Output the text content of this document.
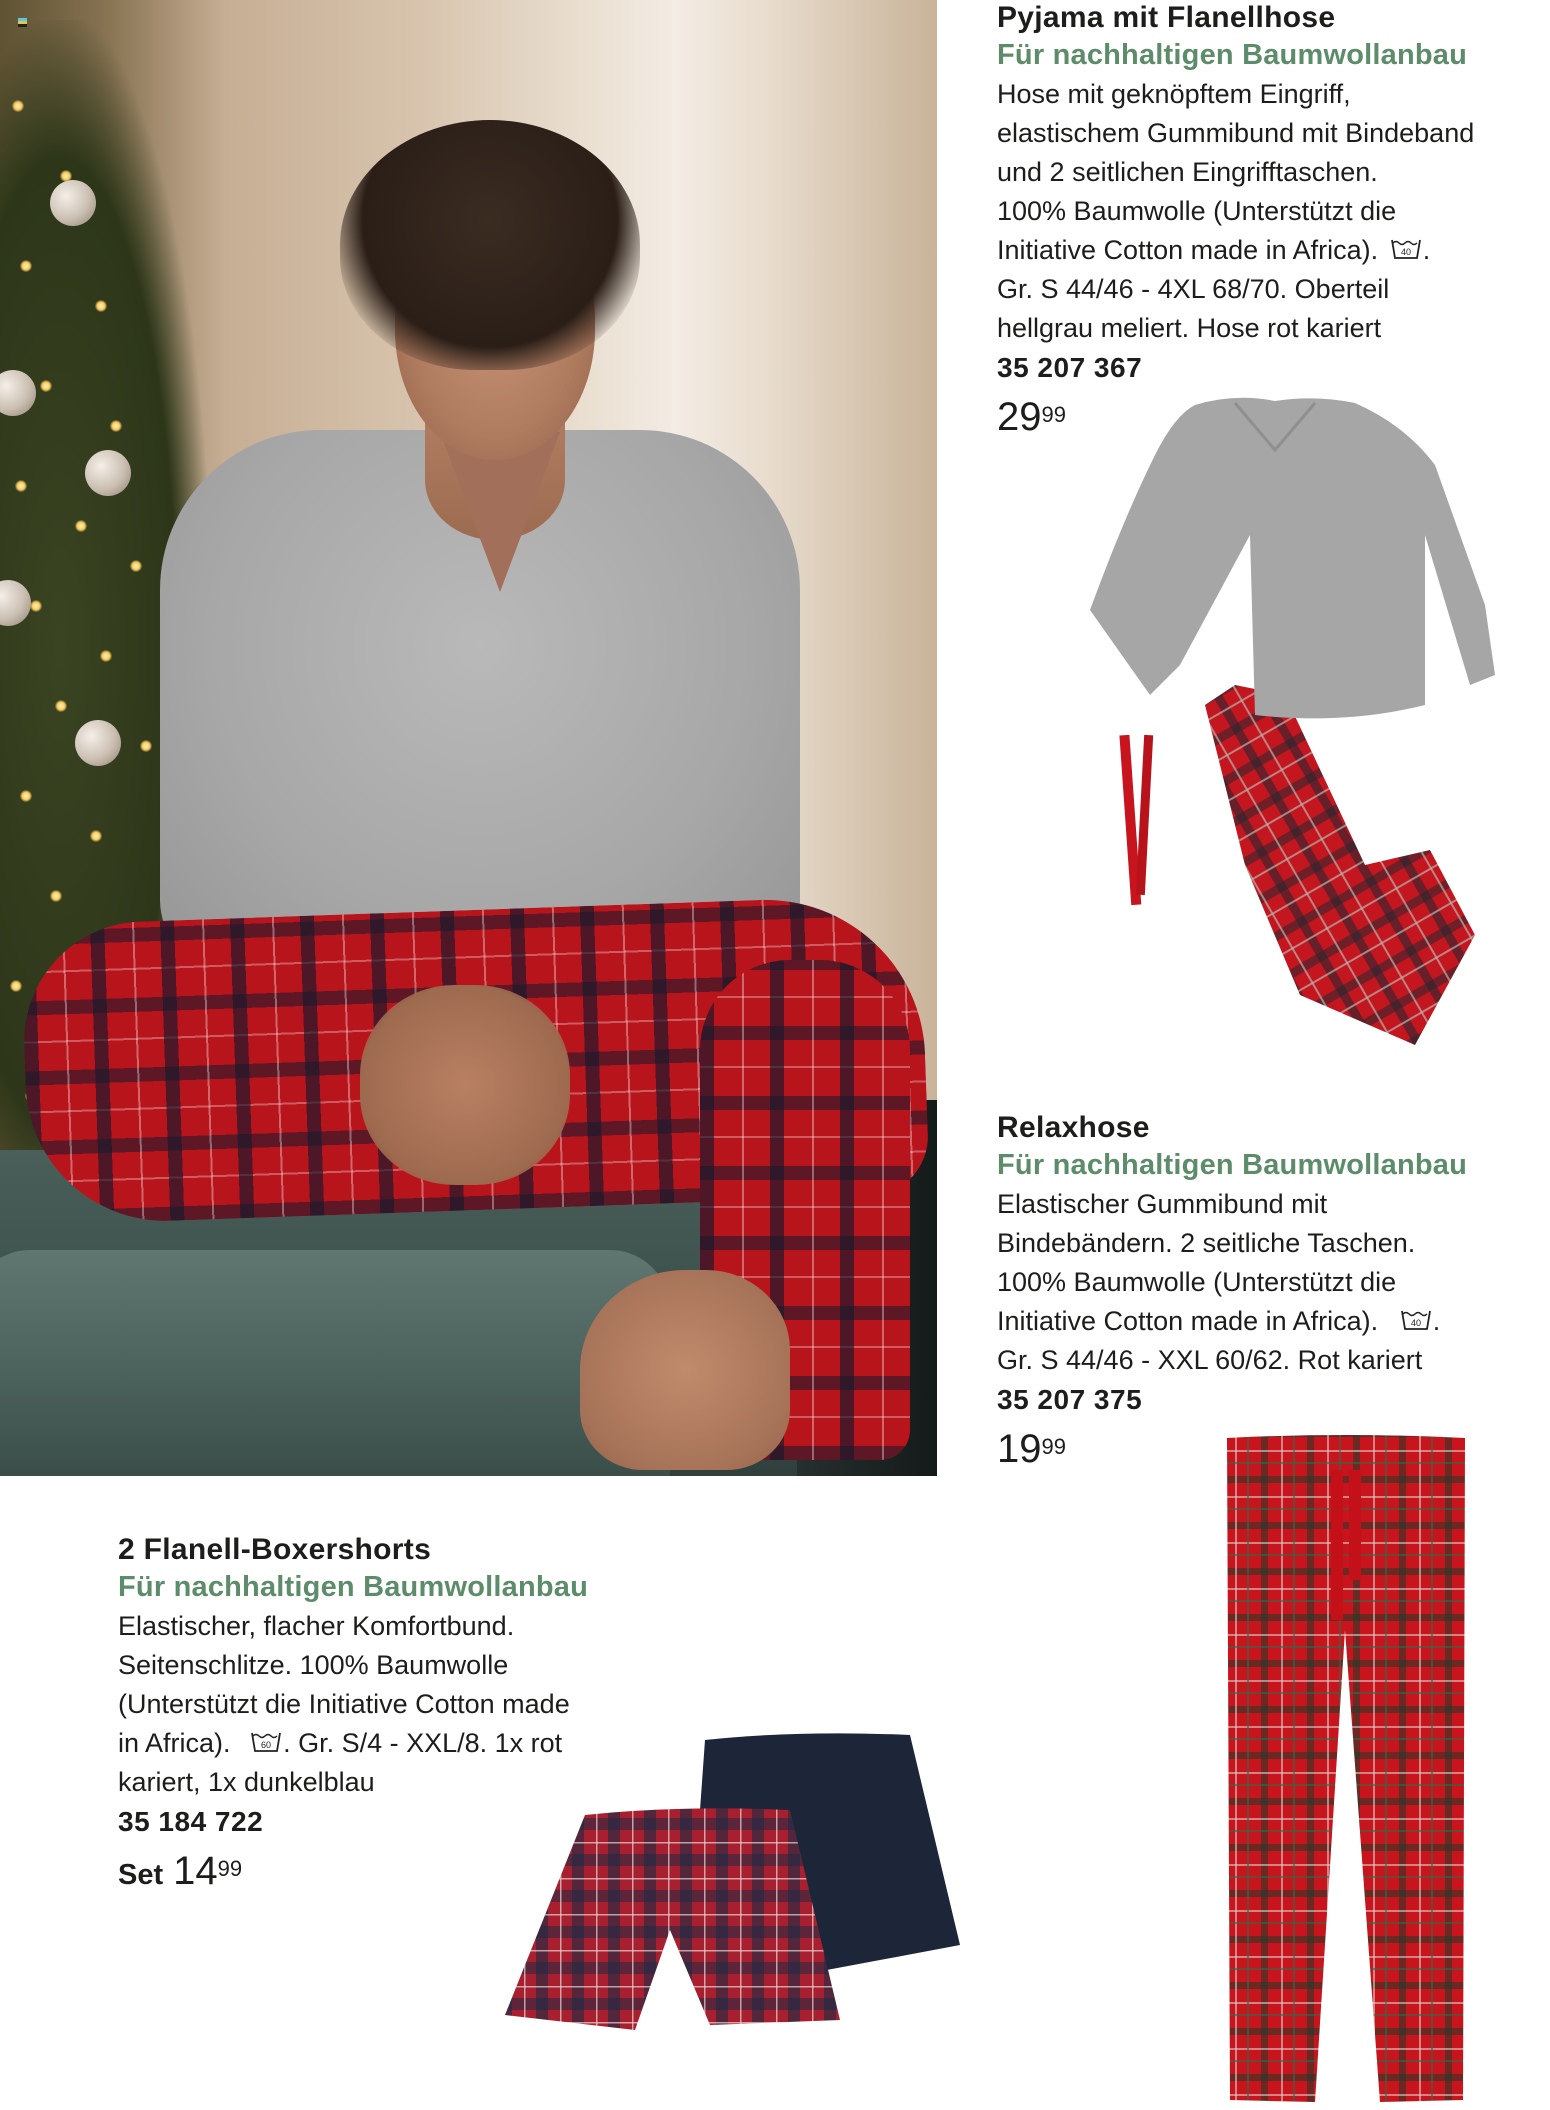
Pyjama mit Flanellhose
Für nachhaltigen Baumwollanbau
Hose mit geknöpftem Eingriff,
elastischem Gummibund mit Bindeband
und 2 seitlichen Eingrifftaschen.
100% Baumwolle (Unterstützt die
Initiative Cotton made in Africa).	40 .
Gr. S 44/46 - 4XL 68/70. Oberteil
hellgrau meliert. Hose rot kariert
35 207 367
$29^{99}$
Relaxhose
Für nachhaltigen Baumwollanbau
Elastischer Gummibund mit
Bindebändern. 2 seitliche Taschen.
100% Baumwolle (Unterstützt die
Initiative Cotton made in Africa).	40 .
Gr. S 44/46 - XXL 60/62. Rot kariert
35 207 375
$19^{99}$
2 Flanell-Boxershorts
Für nachhaltigen Baumwollanbau
Elastischer, flacher Komfortbund.
Seitenschlitze. 100% Baumwolle
(Unterstützt die Initiative Cotton made
in Africa).	60 . Gr. S/4 - XXL/8. 1x rot
kariert, 1x dunkelblau
35 184 722
Set $14^{99}$
